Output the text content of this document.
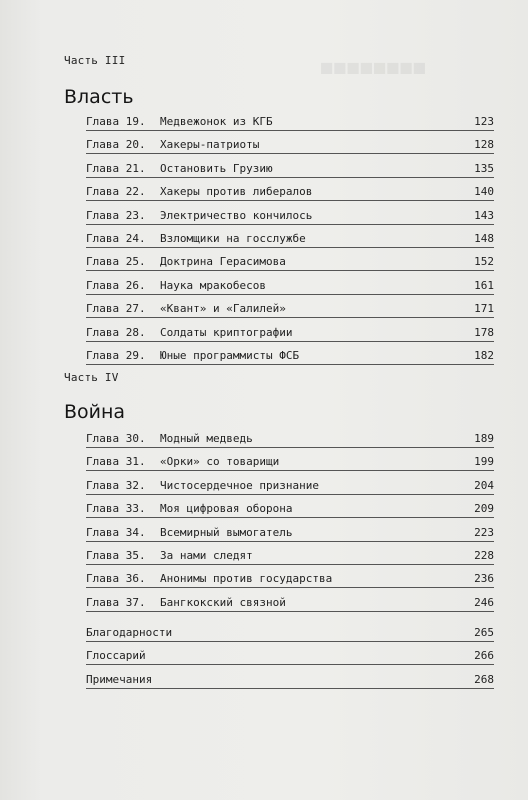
◼◼◼◼◼◼◼◼
Часть III
Власть
Глава 19. Медвежонок из КГБ	123
Глава 20. Хакеры-патриоты	128
Глава 21. Остановить Грузию	135
Глава 22. Хакеры против либералов	140
Глава 23. Электричество кончилось	143
Глава 24. Взломщики на госслужбе	148
Глава 25. Доктрина Герасимова	152
Глава 26. Наука мракобесов	161
Глава 27. «Квант» и «Галилей»	171
Глава 28. Солдаты криптографии	178
Глава 29. Юные программисты ФСБ	182
Часть IV
Война
Глава 30. Модный медведь	189
Глава 31. «Орки» со товарищи	199
Глава 32. Чистосердечное признание	204
Глава 33. Моя цифровая оборона	209
Глава 34. Всемирный вымогатель	223
Глава 35. За нами следят	228
Глава 36. Анонимы против государства	236
Глава 37. Бангкокский связной	246
Благодарности	265
Глоссарий	266
Примечания	268
